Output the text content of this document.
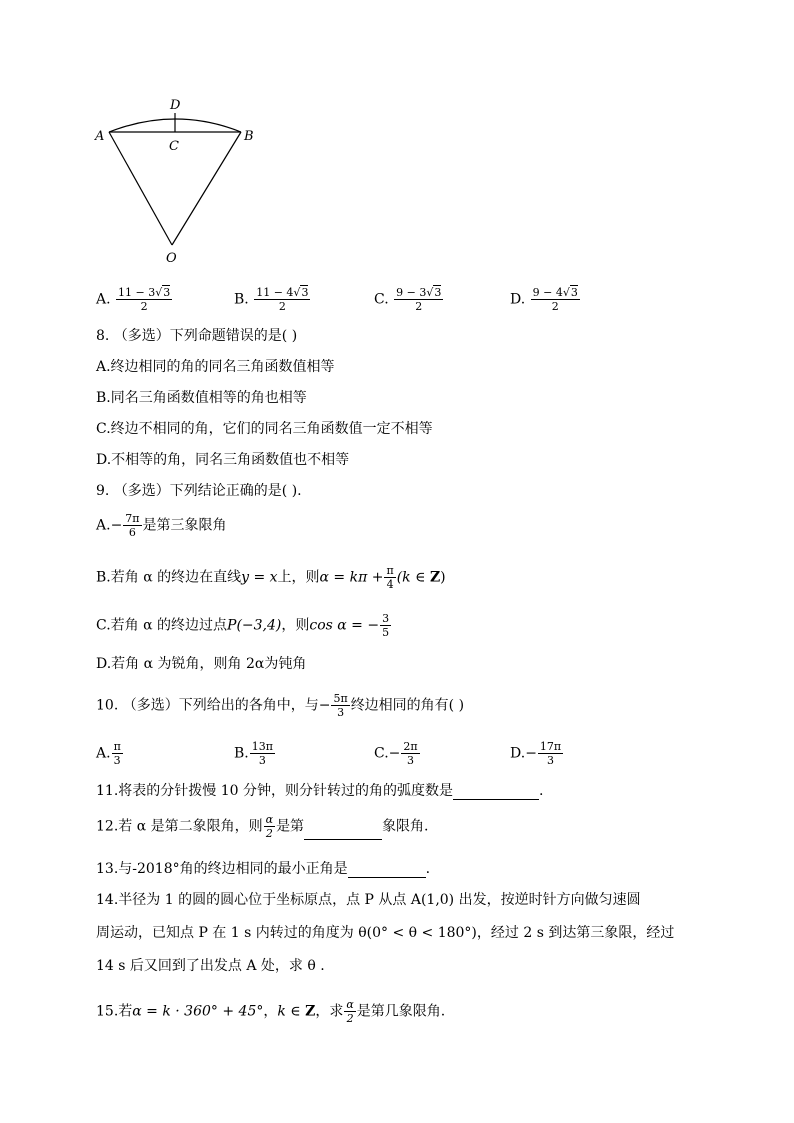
D
A	B
C
O
A. $\frac{11 - 3√3}{2}$	B. $\frac{11 - 4√3}{2}$	C. $\frac{9 - 3√3}{2}$	D. $\frac{9 - 4√3}{2}$
8. （多选）下列命题错误的是( )
A.终边相同的角的同名三角函数值相等
B.同名三角函数值相等的角也相等
C.终边不相同的角，它们的同名三角函数值一定不相等
D.不相等的角，同名三角函数值也不相等
9. （多选）下列结论正确的是( ).
$A.- \frac{7\pi}{6}$ 是第三象限角
B.若角 α 的终边在直线y = x上，则$\alpha = k\pi + \frac{\pi}{4} (k$ ∈ Z)
C.若角 α 的终边过点P(−3,4)，则cos α = − $\frac{3}{5}$
D.若角 α 为锐角，则角 2α为钝角
10. （多选）下列给出的各角中，与− $\frac{5\pi}{3}$ 终边相同的角有( )
A. $\frac{\pi}{3}$	B. $\frac{13\pi}{3}$	$C.- \frac{2\pi}{3}$	$D.- \frac{17\pi}{3}$
11.将表的分针拨慢 10 分钟，则分针转过的角的弧度数是	.
12.若 α 是第二象限角，则 $\frac{\alpha}{2}$ 是第	象限角.
13.与-2018°角的终边相同的最小正角是	.
14.半径为 1 的圆的圆心位于坐标原点，点 P 从点 A(1,0) 出发，按逆时针方向做匀速圆
周运动，已知点 P 在 1 s 内转过的角度为 θ(0° < θ < 180°)，经过 2 s 到达第三象限，经过
14 s 后又回到了出发点 A 处，求 θ .
15.若α = k · 360° + 45°，k ∈ Z，求 $\frac{\alpha}{2}$ 是第几象限角.
